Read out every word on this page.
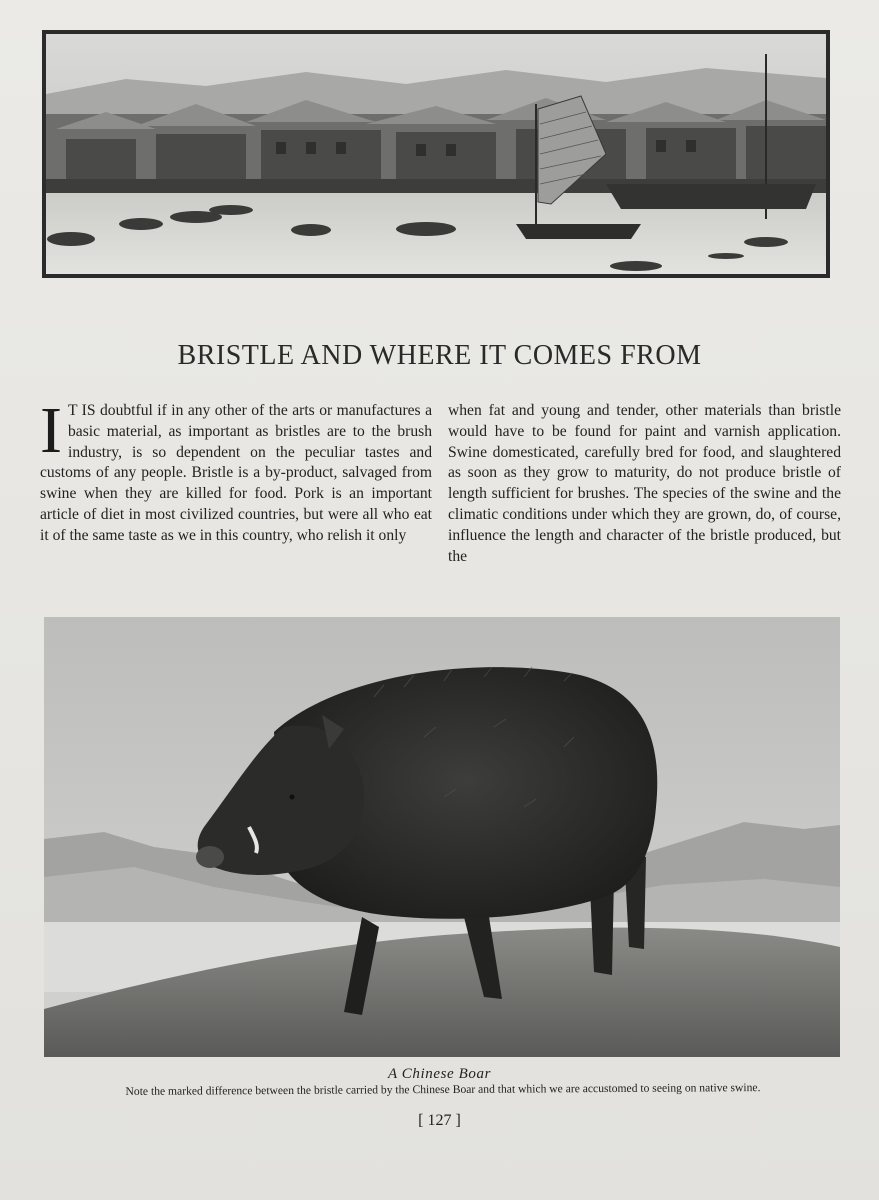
BRISTLE AND WHERE IT COMES FROM

I T IS doubtful if in any other of the arts or manufactures a basic material, as important as bristles are to the brush industry, is so dependent on the peculiar tastes and customs of any people. Bristle is a by-product, salvaged from swine when they are killed for food. Pork is an important article of diet in most civilized countries, but were all who eat it of the same taste as we in this country, who relish it only

when fat and young and tender, other materials than bristle would have to be found for paint and varnish application. Swine domesticated, carefully bred for food, and slaughtered as soon as they grow to maturity, do not produce bristle of length sufficient for brushes. The species of the swine and the climatic conditions under which they are grown, do, of course, influence the length and character of the bristle produced, but the

A Chinese Boar
Note the marked difference between the bristle carried by the Chinese Boar and that which we are accustomed to seeing on native swine.
[ 127 ]
